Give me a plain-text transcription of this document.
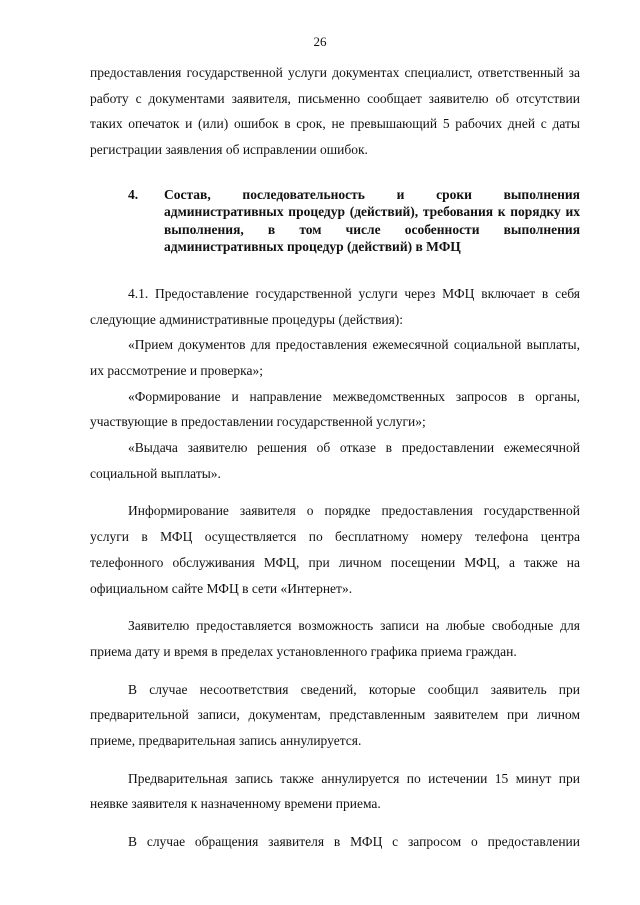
26

предоставления государственной услуги документах специалист, ответственный за работу с документами заявителя, письменно сообщает заявителю об отсутствии таких опечаток и (или) ошибок в срок, не превышающий 5 рабочих дней с даты регистрации заявления об исправлении ошибок.

4.	Состав, последовательность и сроки выполнения административных процедур (действий), требования к порядку их выполнения, в том числе особенности выполнения административных процедур (действий) в МФЦ

4.1. Предоставление государственной услуги через МФЦ включает в себя следующие административные процедуры (действия):

«Прием документов для предоставления ежемесячной социальной выплаты, их рассмотрение и проверка»;

«Формирование и направление межведомственных запросов в органы, участвующие в предоставлении государственной услуги»;

«Выдача заявителю решения об отказе в предоставлении ежемесячной социальной выплаты».

Информирование заявителя о порядке предоставления государственной услуги в МФЦ осуществляется по бесплатному номеру телефона центра телефонного обслуживания МФЦ, при личном посещении МФЦ, а также на официальном сайте МФЦ в сети «Интернет».

Заявителю предоставляется возможность записи на любые свободные для приема дату и время в пределах установленного графика приема граждан.

В случае несоответствия сведений, которые сообщил заявитель при предварительной записи, документам, представленным заявителем при личном приеме, предварительная запись аннулируется.

Предварительная запись также аннулируется по истечении 15 минут при неявке заявителя к назначенному времени приема.

В случае обращения заявителя в МФЦ с запросом о предоставлении
